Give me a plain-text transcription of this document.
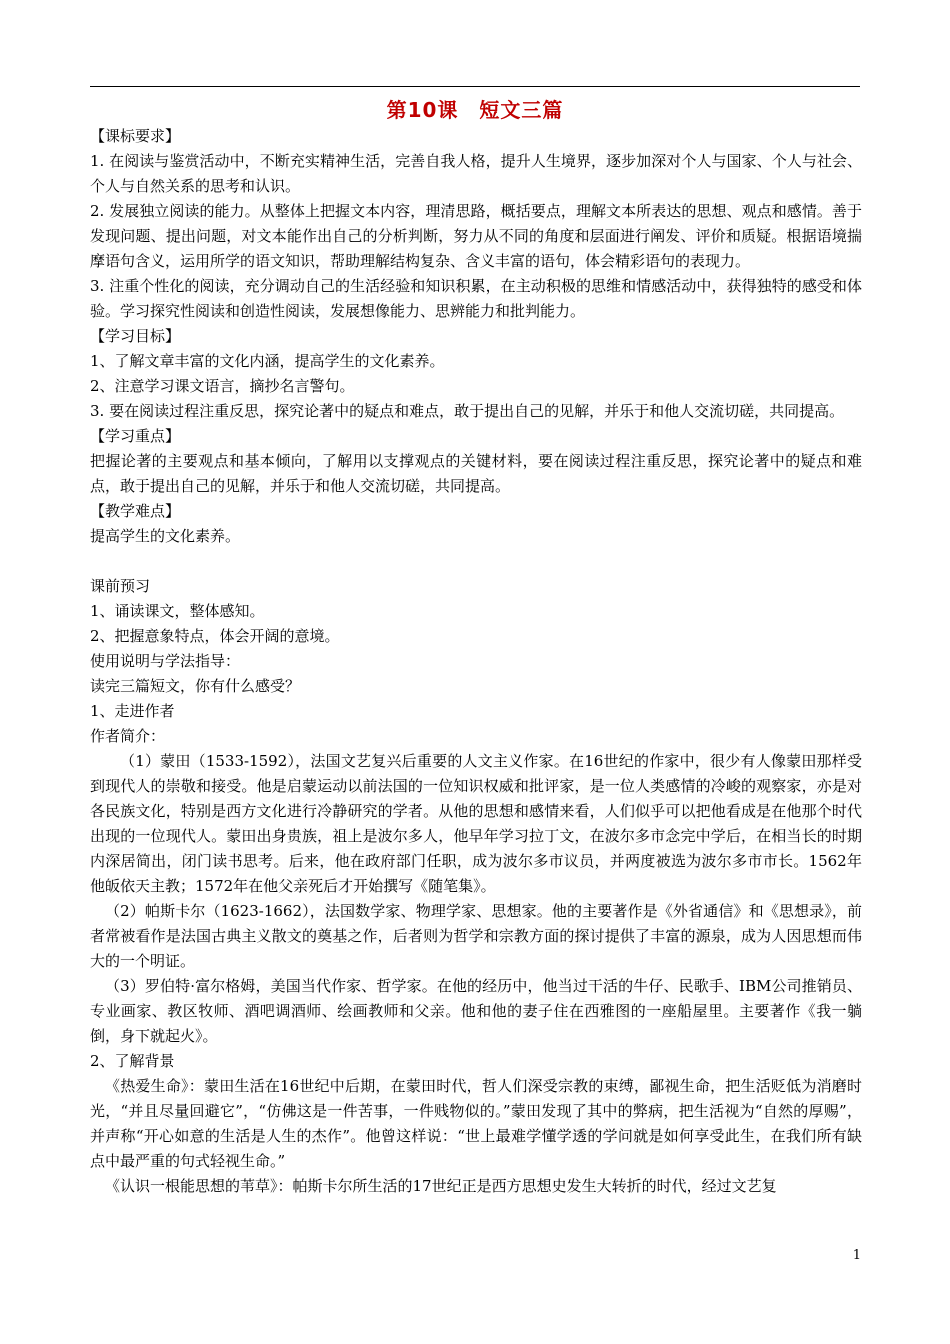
第10课　短文三篇

【课标要求】

1. 在阅读与鉴赏活动中，不断充实精神生活，完善自我人格，提升人生境界，逐步加深对个人与国家、个人与社会、个人与自然关系的思考和认识。

2. 发展独立阅读的能力。从整体上把握文本内容，理清思路，概括要点，理解文本所表达的思想、观点和感情。善于发现问题、提出问题，对文本能作出自己的分析判断，努力从不同的角度和层面进行阐发、评价和质疑。根据语境揣摩语句含义，运用所学的语文知识，帮助理解结构复杂、含义丰富的语句，体会精彩语句的表现力。

3. 注重个性化的阅读，充分调动自己的生活经验和知识积累，在主动积极的思维和情感活动中，获得独特的感受和体验。学习探究性阅读和创造性阅读，发展想像能力、思辨能力和批判能力。

【学习目标】

1、了解文章丰富的文化内涵，提高学生的文化素养。

2、注意学习课文语言，摘抄名言警句。

3. 要在阅读过程注重反思，探究论著中的疑点和难点，敢于提出自己的见解，并乐于和他人交流切磋，共同提高。

【学习重点】

把握论著的主要观点和基本倾向，了解用以支撑观点的关键材料，要在阅读过程注重反思，探究论著中的疑点和难点，敢于提出自己的见解，并乐于和他人交流切磋，共同提高。

【教学难点】

提高学生的文化素养。

课前预习

1、诵读课文，整体感知。

2、把握意象特点，体会开阔的意境。

使用说明与学法指导：

读完三篇短文，你有什么感受？

1、走进作者

作者简介：

（1）蒙田（1533-1592），法国文艺复兴后重要的人文主义作家。在16世纪的作家中，很少有人像蒙田那样受到现代人的崇敬和接受。他是启蒙运动以前法国的一位知识权威和批评家，是一位人类感情的冷峻的观察家，亦是对各民族文化，特别是西方文化进行冷静研究的学者。从他的思想和感情来看，人们似乎可以把他看成是在他那个时代出现的一位现代人。蒙田出身贵族，祖上是波尔多人，他早年学习拉丁文，在波尔多市念完中学后，在相当长的时期内深居简出，闭门读书思考。后来，他在政府部门任职，成为波尔多市议员，并两度被选为波尔多市市长。1562年他皈依天主教；1572年在他父亲死后才开始撰写《随笔集》。

（2）帕斯卡尔（1623-1662），法国数学家、物理学家、思想家。他的主要著作是《外省通信》和《思想录》，前者常被看作是法国古典主义散文的奠基之作，后者则为哲学和宗教方面的探讨提供了丰富的源泉，成为人因思想而伟大的一个明证。

（3）罗伯特·富尔格姆，美国当代作家、哲学家。在他的经历中，他当过干活的牛仔、民歌手、IBM公司推销员、专业画家、教区牧师、酒吧调酒师、绘画教师和父亲。他和他的妻子住在西雅图的一座船屋里。主要著作《我一躺倒，身下就起火》。

2、了解背景

《热爱生命》：蒙田生活在16世纪中后期，在蒙田时代，哲人们深受宗教的束缚，鄙视生命，把生活贬低为消磨时光，“并且尽量回避它”，“仿佛这是一件苦事，一件贱物似的。”蒙田发现了其中的弊病，把生活视为“自然的厚赐”，并声称“开心如意的生活是人生的杰作”。他曾这样说：“世上最难学懂学透的学问就是如何享受此生，在我们所有缺点中最严重的句式轻视生命。”

《认识一根能思想的苇草》：帕斯卡尔所生活的17世纪正是西方思想史发生大转折的时代，经过文艺复

1
